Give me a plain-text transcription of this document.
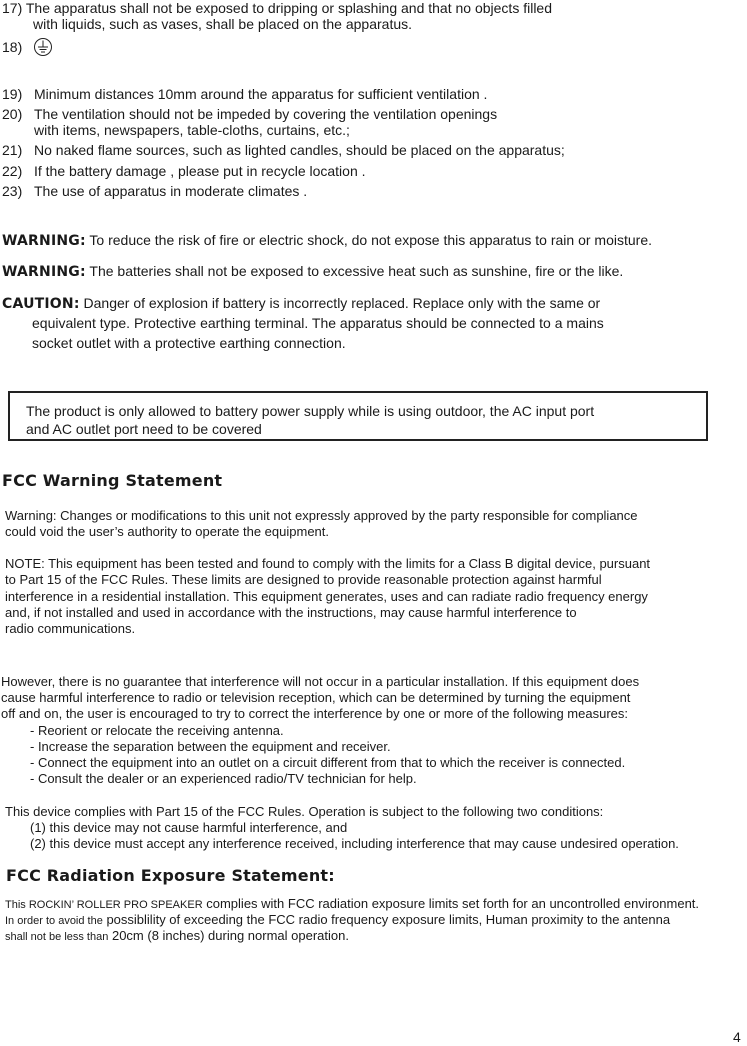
17) The apparatus shall not be exposed to dripping or splashing and that no objects filled
with liquids, such as vases, shall be placed on the apparatus.
18)
19) Minimum distances 10mm around the apparatus for sufficient ventilation .
20) The ventilation should not be impeded by covering the ventilation openings
with items, newspapers, table-cloths, curtains, etc.;
21) No naked flame sources, such as lighted candles, should be placed on the apparatus;
22) If the battery damage , please put in recycle location .
23) The use of apparatus in moderate climates .
WARNING: To reduce the risk of fire or electric shock, do not expose this apparatus to rain or moisture.
WARNING: The batteries shall not be exposed to excessive heat such as sunshine, fire or the like.
CAUTION: Danger of explosion if battery is incorrectly replaced. Replace only with the same or
equivalent type. Protective earthing terminal. The apparatus should be connected to a mains
socket outlet with a protective earthing connection.
The product is only allowed to battery power supply while is using outdoor, the AC input port
and AC outlet port need to be covered
FCC Warning Statement
Warning: Changes or modifications to this unit not expressly approved by the party responsible for compliance
could void the user’s authority to operate the equipment.
NOTE: This equipment has been tested and found to comply with the limits for a Class B digital device, pursuant
to Part 15 of the FCC Rules. These limits are designed to provide reasonable protection against harmful
interference in a residential installation. This equipment generates, uses and can radiate radio frequency energy
and, if not installed and used in accordance with the instructions, may cause harmful interference to
radio communications.
However, there is no guarantee that interference will not occur in a particular installation. If this equipment does
cause harmful interference to radio or television reception, which can be determined by turning the equipment
off and on, the user is encouraged to try to correct the interference by one or more of the following measures:
- Reorient or relocate the receiving antenna.
- Increase the separation between the equipment and receiver.
- Connect the equipment into an outlet on a circuit different from that to which the receiver is connected.
- Consult the dealer or an experienced radio/TV technician for help.
This device complies with Part 15 of the FCC Rules. Operation is subject to the following two conditions:
(1) this device may not cause harmful interference, and
(2) this device must accept any interference received, including interference that may cause undesired operation.
FCC Radiation Exposure Statement:
This ROCKIN’ ROLLER PRO SPEAKER complies with FCC radiation exposure limits set forth for an uncontrolled environment.
In order to avoid the possiblility of exceeding the FCC radio frequency exposure limits, Human proximity to the antenna
shall not be less than 20cm (8 inches) during normal operation.
4
